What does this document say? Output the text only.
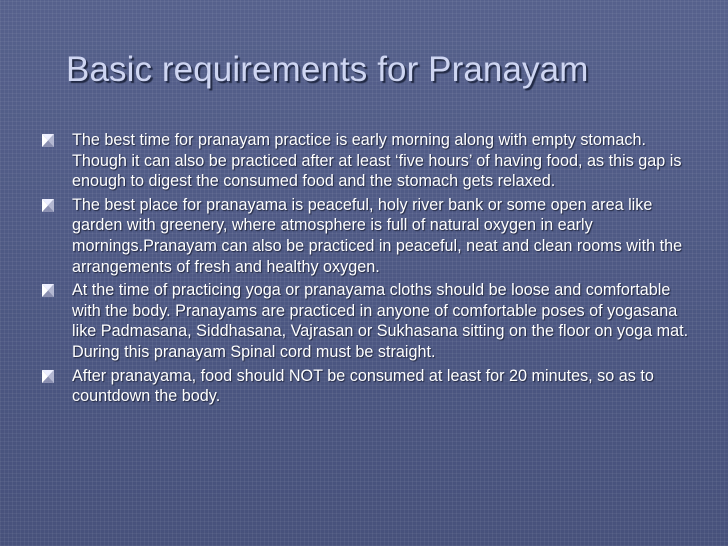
Basic requirements for Pranayam
The best time for pranayam practice is early morning along with empty stomach. Though it can also be practiced after at least ‘five hours’ of having food, as this gap is enough to digest the consumed food and the stomach gets relaxed.
The best place for pranayama is peaceful, holy river bank or some open area like garden with greenery, where atmosphere is full of natural oxygen in early mornings.Pranayam can also be practiced in peaceful, neat and clean rooms with the arrangements of fresh and healthy oxygen.
At the time of practicing yoga or pranayama cloths should be loose and comfortable with the body. Pranayams are practiced in anyone of comfortable poses of yogasana like Padmasana, Siddhasana, Vajrasan or Sukhasana sitting on the floor on yoga mat. During this pranayam Spinal cord must be straight.
After pranayama, food should NOT be consumed at least for 20 minutes, so as to countdown the body.
